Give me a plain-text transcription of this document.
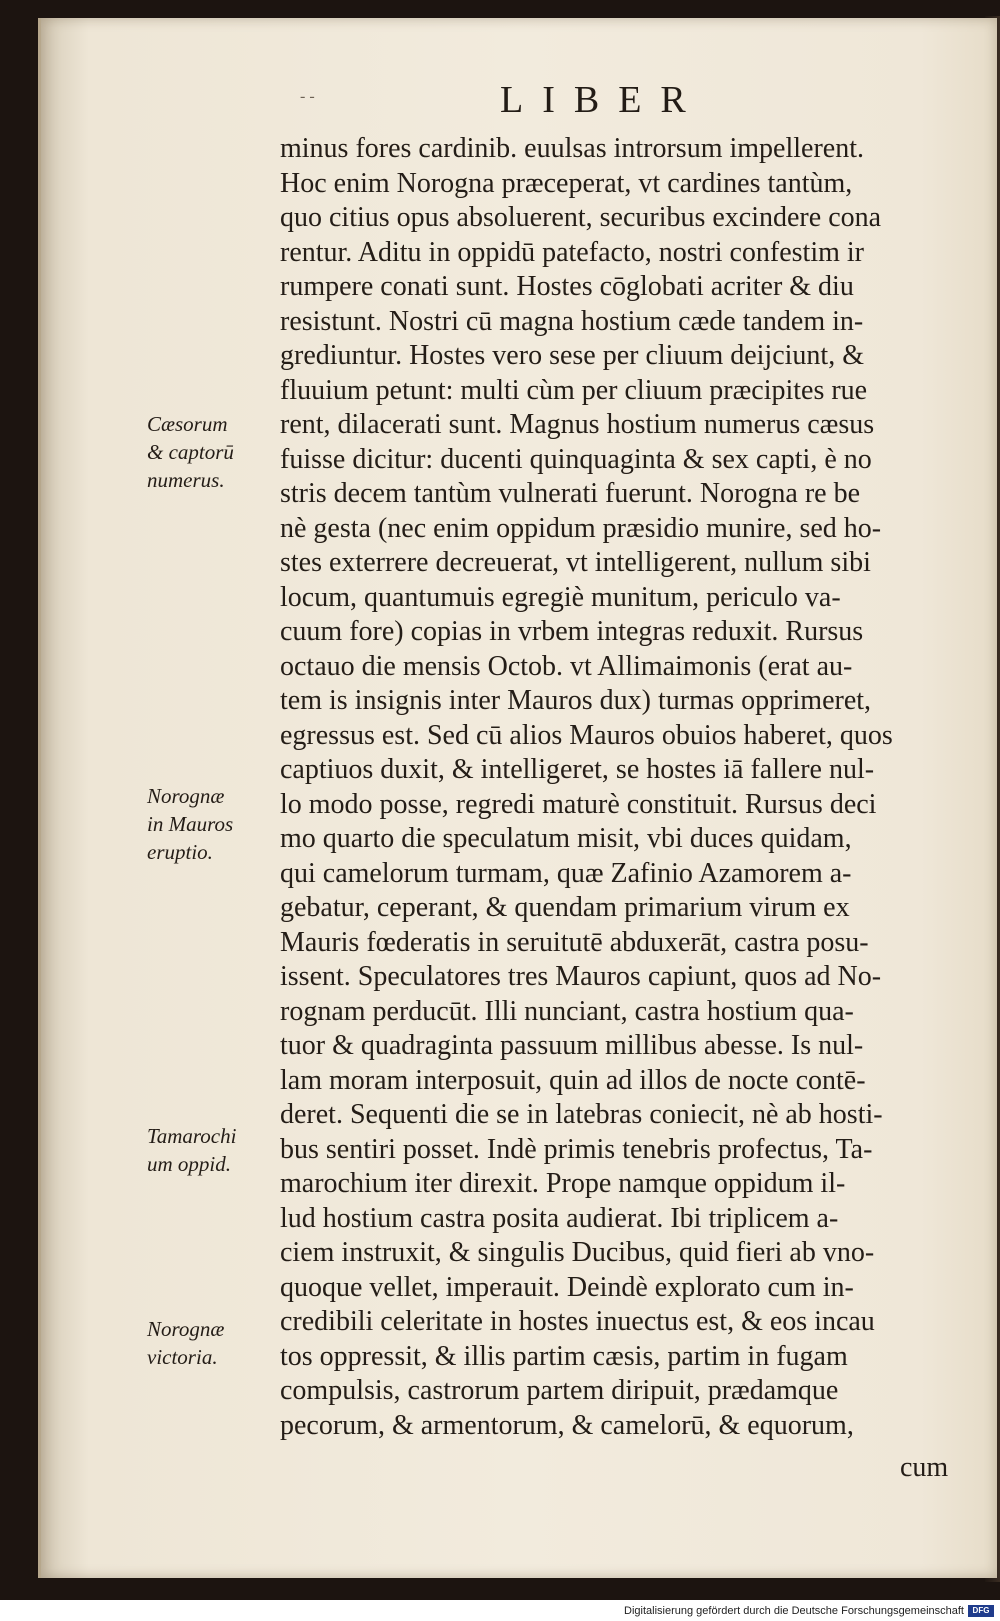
- -	LIBER
minus fores cardinib. euulsas introrsum impellerent.
Hoc enim Norogna præceperat, vt cardines tantùm,
quo citius opus absoluerent, securibus excindere cona
rentur. Aditu in oppidū patefacto, nostri confestim ir
rumpere conati sunt. Hostes cōglobati acriter & diu
resistunt. Nostri cū magna hostium cæde tandem in-
grediuntur. Hostes vero sese per cliuum deijciunt, &
fluuium petunt: multi cùm per cliuum præcipites rue
rent, dilacerati sunt. Magnus hostium numerus cæsus
fuisse dicitur: ducenti quinquaginta & sex capti, è no
stris decem tantùm vulnerati fuerunt. Norogna re be
nè gesta (nec enim oppidum præsidio munire, sed ho-
stes exterrere decreuerat, vt intelligerent, nullum sibi
locum, quantumuis egregiè munitum, periculo va-
cuum fore) copias in vrbem integras reduxit. Rursus
octauo die mensis Octob. vt Allimaimonis (erat au-
tem is insignis inter Mauros dux) turmas opprimeret,
egressus est. Sed cū alios Mauros obuios haberet, quos
captiuos duxit, & intelligeret, se hostes iā fallere nul-
lo modo posse, regredi maturè constituit. Rursus deci
mo quarto die speculatum misit, vbi duces quidam,
qui camelorum turmam, quæ Zafinio Azamorem a-
gebatur, ceperant, & quendam primarium virum ex
Mauris fœderatis in seruitutē abduxerāt, castra posu-
issent. Speculatores tres Mauros capiunt, quos ad No-
rognam perducūt. Illi nunciant, castra hostium qua-
tuor & quadraginta passuum millibus abesse. Is nul-
lam moram interposuit, quin ad illos de nocte contē-
deret. Sequenti die se in latebras coniecit, nè ab hosti-
bus sentiri posset. Indè primis tenebris profectus, Ta-
marochium iter direxit. Prope namque oppidum il-
lud hostium castra posita audierat. Ibi triplicem a-
ciem instruxit, & singulis Ducibus, quid fieri ab vno-
quoque vellet, imperauit. Deindè explorato cum in-
credibili celeritate in hostes inuectus est, & eos incau
tos oppressit, & illis partim cæsis, partim in fugam
compulsis, castrorum partem diripuit, prædamque
pecorum, & armentorum, & camelorū, & equorum,
cum
Cæsorum
& captorū
numerus.
Norognæ
in Mauros
eruptio.
Tamarochi
um oppid.
Norognæ
victoria.
Digitalisierung gefördert durch die Deutsche Forschungsgemeinschaft	DFG
